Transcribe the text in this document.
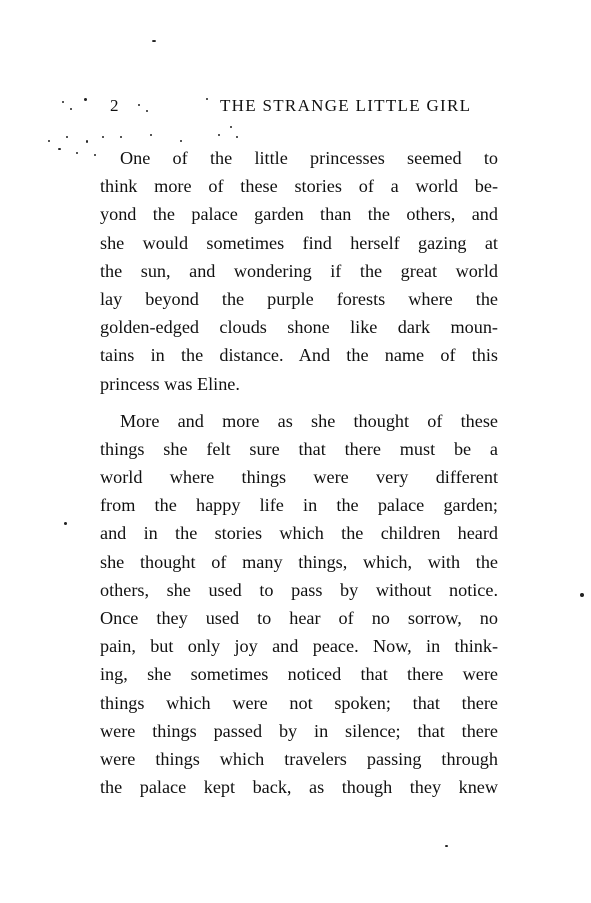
2	THE STRANGE LITTLE GIRL
One of the little princesses seemed to
think more of these stories of a world be-
yond the palace garden than the others, and
she would sometimes find herself gazing at
the sun, and wondering if the great world
lay beyond the purple forests where the
golden-edged clouds shone like dark moun-
tains in the distance. And the name of this
princess was Eline.
More and more as she thought of these
things she felt sure that there must be a
world where things were very different
from the happy life in the palace garden;
and in the stories which the children heard
she thought of many things, which, with the
others, she used to pass by without notice.
Once they used to hear of no sorrow, no
pain, but only joy and peace. Now, in think-
ing, she sometimes noticed that there were
things which were not spoken; that there
were things passed by in silence; that there
were things which travelers passing through
the palace kept back, as though they knew
